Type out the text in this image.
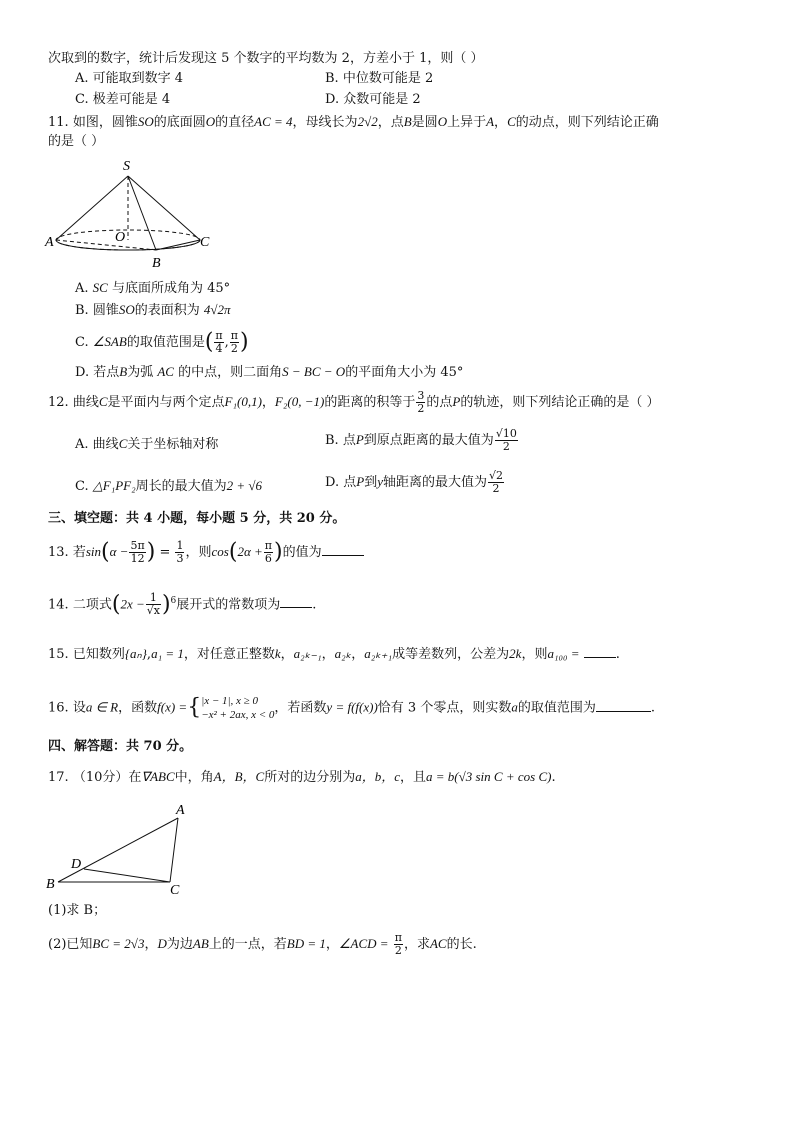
次取到的数字，统计后发现这 5 个数字的平均数为 2，方差小于 1，则（ ）
A. 可能取到数字 4	B. 中位数可能是 2
C. 极差可能是 4	D. 众数可能是 2
11. 如图，圆锥SO的底面圆O的直径AC = 4，母线长为2√2，点B是圆O上异于A，C的动点，则下列结论正确
的是（ ）
S
A	O	C
B
A. SC 与底面所成角为 45°
B. 圆锥SO的表面积为 4√2π
C. ∠SAB的取值范围是( $\frac{\pi}{4}$ , $\frac{\pi}{2}$ )
D. 若点B为弧 AC 的中点，则二面角S − BC − O的平面角大小为 45°
12. 曲线C是平面内与两个定点F₁(0,1)，F₂(0, −1)的距离的积等于 $\frac{3}{2}$ 的点P的轨迹，则下列结论正确的是（ ）
A. 曲线C关于坐标轴对称	B. 点P到原点距离的最大值为 $\frac{√10}{2}$
C. △F₁PF₂周长的最大值为2 + √6	D. 点P到y轴距离的最大值为 $\frac{√2}{2}$
三、填空题：共 4 小题，每小题 5 分，共 20 分。
13. 若$\sin(\alpha - \frac{5\pi}{12}$ ) = $\frac{1}{3}$ ，则$\cos(2\alpha + \frac{\pi}{6}$ )的值为
14. 二项式$(2x - \frac{1}{√x} )^6$展开式的常数项为 .
15. 已知数列{aₙ},a₁ = 1，对任意正整数k，a₂ₖ₋₁，a₂ₖ，a₂ₖ₊₁成等差数列，公差为2k，则a₁₀₀ =	.
16. 设a ∈ R，函数f(x) ={ |x − 1|, x ≥ 0
−x² + 2ax, x < 0 ，若函数y = f(f(x))恰有 3 个零点，则实数a的取值范围为	.
四、解答题：共 70 分。
17. （10分）在∇ABC中，角A，B，C所对的边分别为a，b，c，且a = b(√3 sin C + cos C).
A
D
B	C
(1)求 B；
(2)已知BC = 2√3，D为边AB上的一点，若BD = 1，∠ACD = $\frac{\pi}{2}$ ，求AC的长.
